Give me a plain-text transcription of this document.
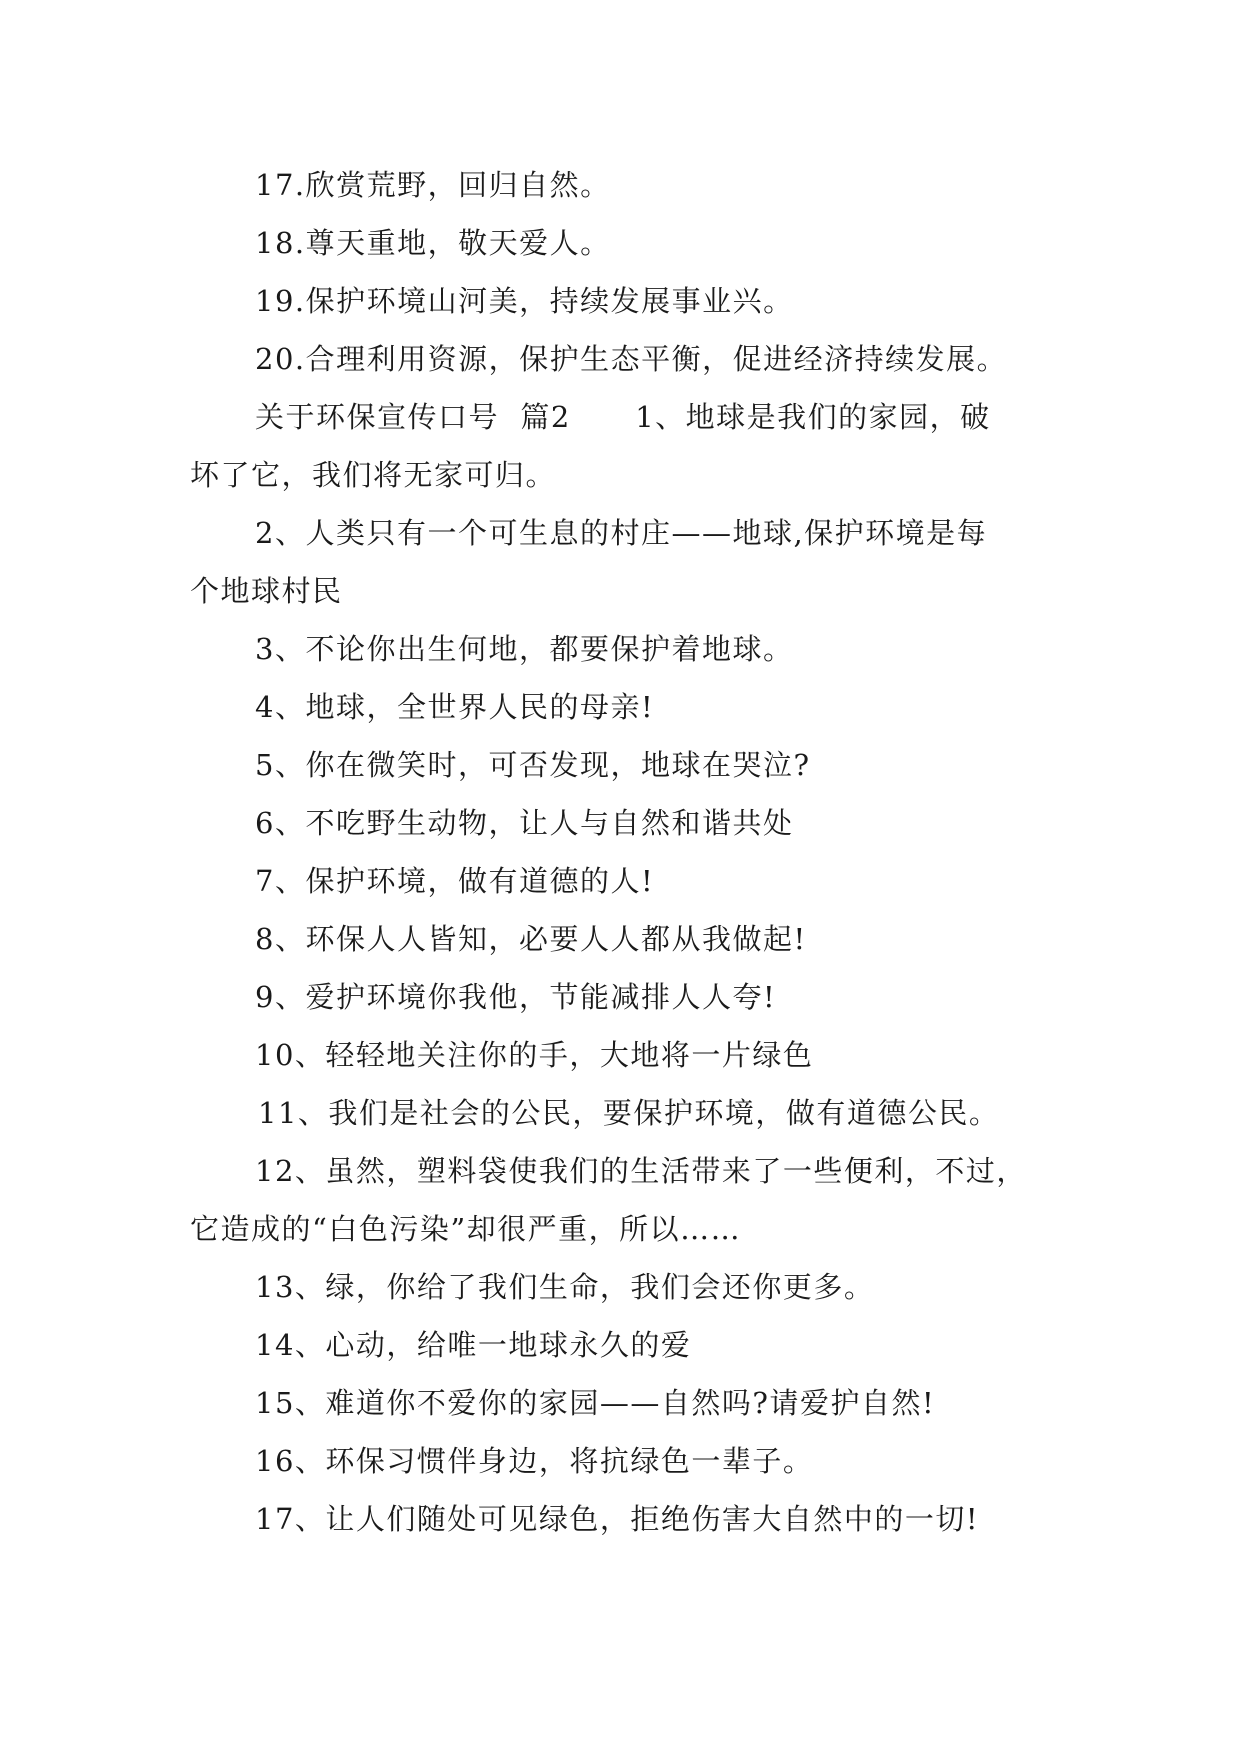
17.欣赏荒野，回归自然。

18.尊天重地，敬天爱人。

19.保护环境山河美，持续发展事业兴。

20.合理利用资源，保护生态平衡，促进经济持续发展。

关于环保宣传口号  篇2      1、地球是我们的家园，破

坏了它，我们将无家可归。

2、人类只有一个可生息的村庄——地球,保护环境是每

个地球村民

3、不论你出生何地，都要保护着地球。

4、地球，全世界人民的母亲!

5、你在微笑时，可否发现，地球在哭泣?

6、不吃野生动物，让人与自然和谐共处

7、保护环境，做有道德的人!

8、环保人人皆知，必要人人都从我做起!

9、爱护环境你我他，节能减排人人夸!

10、轻轻地关注你的手，大地将一片绿色

11、我们是社会的公民，要保护环境，做有道德公民。

12、虽然，塑料袋使我们的生活带来了一些便利，不过，

它造成的“白色污染”却很严重，所以……

13、绿，你给了我们生命，我们会还你更多。

14、心动，给唯一地球永久的爱

15、难道你不爱你的家园——自然吗?请爱护自然!

16、环保习惯伴身边，将抗绿色一辈子。

17、让人们随处可见绿色，拒绝伤害大自然中的一切!
